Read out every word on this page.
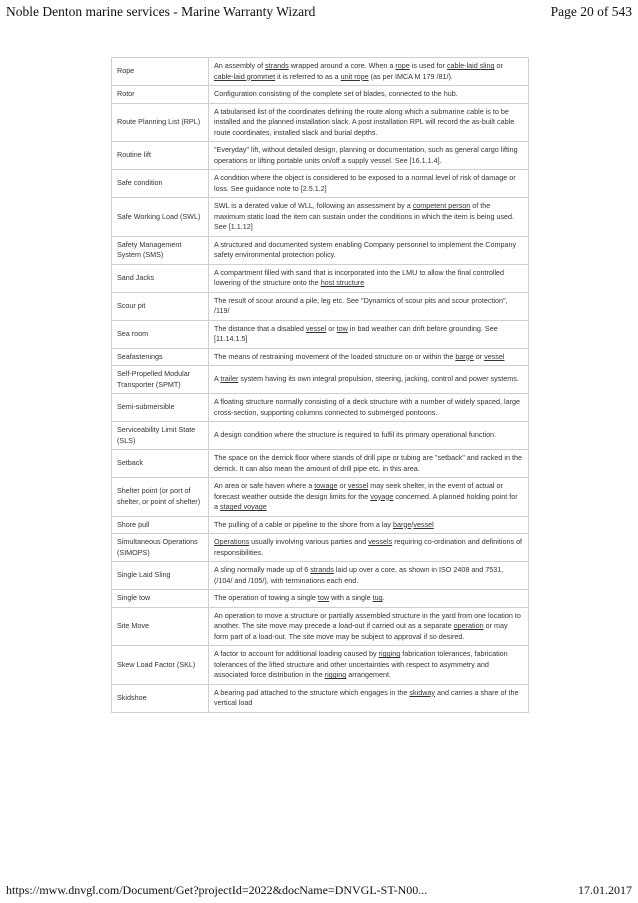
Noble Denton marine services - Marine Warranty Wizard	Page 20 of 543
Rope	An assembly of strands wrapped around a core. When a rope is used for cable-laid sling or cable-laid grommet it is referred to as a unit rope (as per IMCA M 179 /81/).
Rotor	Configuration consisting of the complete set of blades, connected to the hub.
Route Planning List (RPL)	A tabularised list of the coordinates defining the route along which a submarine cable is to be installed and the planned installation slack. A post installation RPL will record the as-built cable route coordinates, installed slack and burial depths.
Routine lift	"Everyday" lift, without detailed design, planning or documentation, such as general cargo lifting operations or lifting portable units on/off a supply vessel. See [16.1.1.4].
Safe condition	A condition where the object is considered to be exposed to a normal level of risk of damage or loss. See guidance note to [2.5.1.2]
Safe Working Load (SWL)	SWL is a derated value of WLL, following an assessment by a competent person of the maximum static load the item can sustain under the conditions in which the item is being used. See [1.1.12]
Safety Management System (SMS)	A structured and documented system enabling Company personnel to implement the Company safety environmental protection policy.
Sand Jacks	A compartment filled with sand that is incorporated into the LMU to allow the final controlled lowering of the structure onto the host structure
Scour pit	The result of scour around a pile, leg etc. See "Dynamics of scour pits and scour protection", /119/
Sea room	The distance that a disabled vessel or tow in bad weather can drift before grounding. See [11.14.1.5]
Seafastenings	The means of restraining movement of the loaded structure on or within the barge or vessel
Self-Propelled Modular Transporter (SPMT)	A trailer system having its own integral propulsion, steering, jacking, control and power systems.
Semi-submersible	A floating structure normally consisting of a deck structure with a number of widely spaced, large cross-section, supporting columns connected to submerged pontoons.
Serviceability Limit State (SLS)	A design condition where the structure is required to fulfil its primary operational function.
Setback	The space on the derrick floor where stands of drill pipe or tubing are "setback" and racked in the derrick. It can also mean the amount of drill pipe etc. in this area.
Shelter point (or port of shelter, or point of shelter)	An area or safe haven where a towage or vessel may seek shelter, in the event of actual or forecast weather outside the design limits for the voyage concerned. A planned holding point for a staged voyage
Shore pull	The pulling of a cable or pipeline to the shore from a lay barge/vessel
Simultaneous Operations (SIMOPS)	Operations usually involving various parties and vessels requiring co-ordination and definitions of responsibilities.
Single Laid Sling	A sling normally made up of 6 strands laid up over a core, as shown in ISO 2408 and 7531, (/104/ and /105/), with terminations each end.
Single tow	The operation of towing a single tow with a single tug.
Site Move	An operation to move a structure or partially assembled structure in the yard from one location to another. The site move may precede a load-out if carried out as a separate operation or may form part of a load-out. The site move may be subject to approval if so desired.
Skew Load Factor (SKL)	A factor to account for additional loading caused by rigging fabrication tolerances, fabrication tolerances of the lifted structure and other uncertainties with respect to asymmetry and associated force distribution in the rigging arrangement.
Skidshoe	A bearing pad attached to the structure which engages in the skidway and carries a share of the vertical load
https://mww.dnvgl.com/Document/Get?projectId=2022&docName=DNVGL-ST-N00...	17.01.2017
